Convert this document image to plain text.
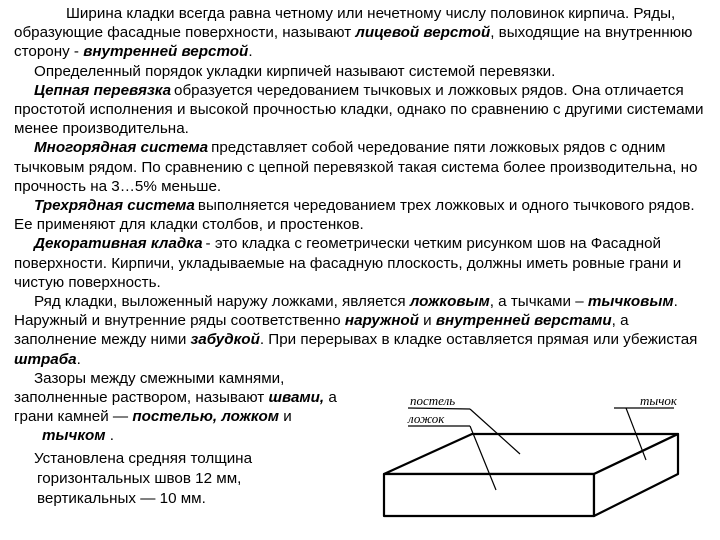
Ширина кладки всегда равна четному или нечетному числу половинок кирпича. Ряды, образующие фасадные поверхности, называют лицевой верстой, выходящие на внутреннюю сторону - внутренней верстой.

Определенный порядок укладки кирпичей называют системой перевязки.

Цепная перевязка образуется чередованием тычковых и ложковых рядов. Она отличается простотой исполнения и высокой прочностью кладки, однако по сравнению с другими системами менее производительна.

Многорядная система представляет собой чередование пяти ложковых рядов с одним тычковым рядом. По сравнению с цепной перевязкой такая система более производительна, но прочность на 3…5% меньше.

Трехрядная система выполняется чередованием трех ложковых и одного тычкового рядов. Ее применяют для кладки столбов, и простенков.

Декоративная кладка - это кладка с геометрически четким рисунком шов на Фасадной поверхности. Кирпичи, укладываемые на фасадную плоскость, должны иметь ровные грани и чистую поверхность.

Ряд кладки, выложенный наружу ложками, является ложковым, а тычками – тычковым. Наружный и внутренние ряды соответственно наружной и внутренней верстами, а заполнение между ними забудкой. При перерывах в кладке оставляется прямая или убежистая штраба.

Зазоры между смежными камнями, заполненные раствором, называют швами, а грани камней — постелью, ложком и

тычком .

Установлена средняя толщина
горизонтальных швов 12 мм,
вертикальных — 10 мм.
постель
ложок
тычок
